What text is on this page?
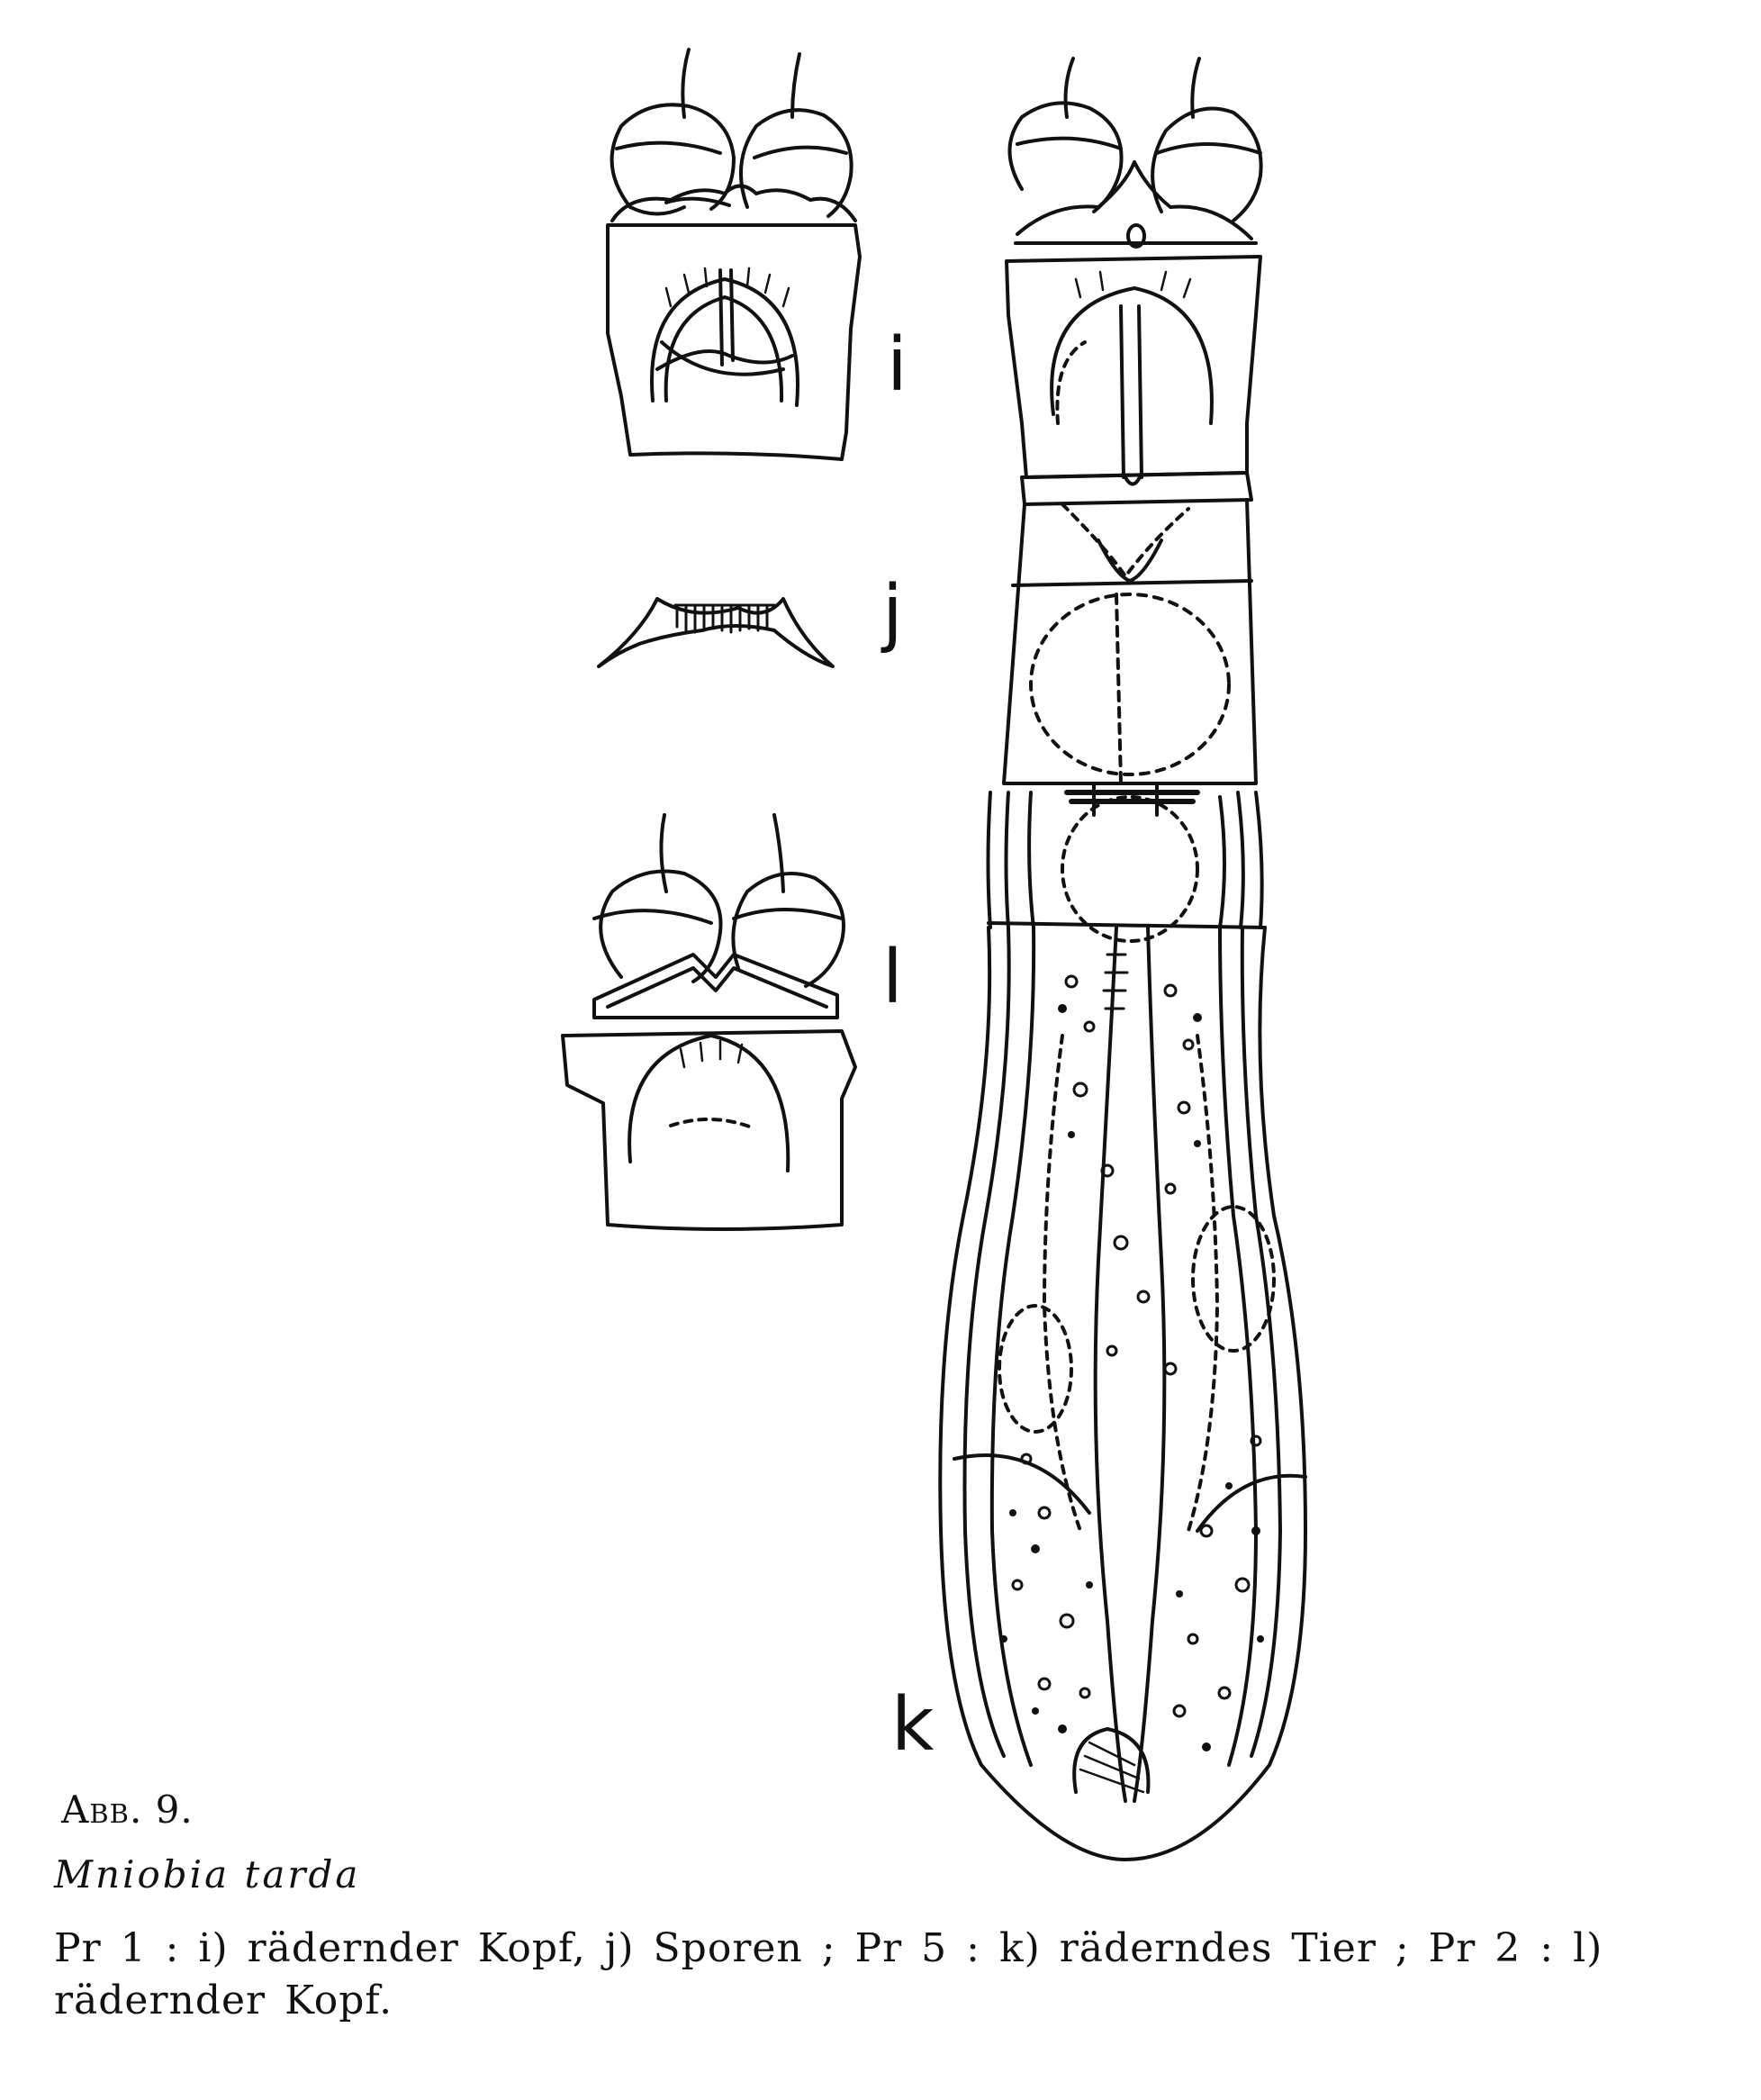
i
j
l
k
Abb. 9.
Mniobia tarda
Pr 1 : i) rädernder Kopf, j) Sporen ; Pr 5 : k) räderndes Tier ; Pr 2 : l) rädernder Kopf.
